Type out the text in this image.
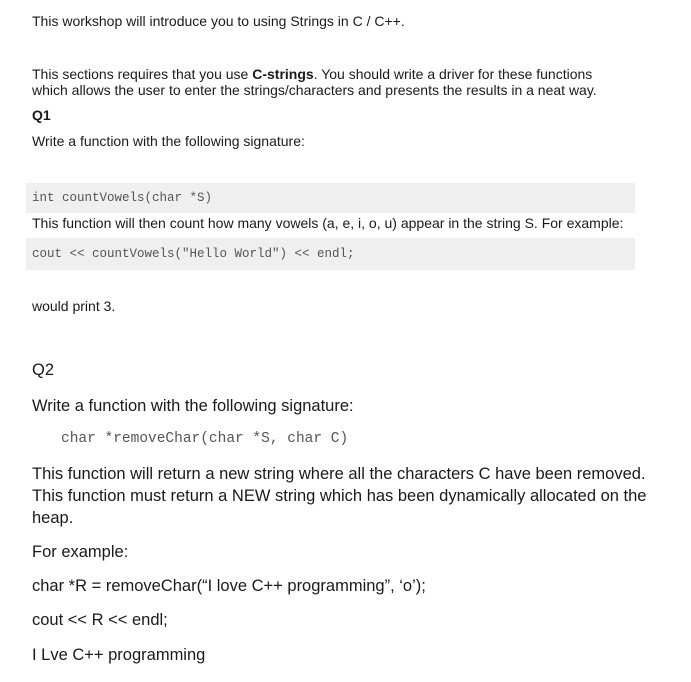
This workshop will introduce you to using Strings in C / C++.
This sections requires that you use C-strings. You should write a driver for these functions
which allows the user to enter the strings/characters and presents the results in a neat way.
Q1
Write a function with the following signature:
int countVowels(char *S)
This function will then count how many vowels (a, e, i, o, u) appear in the string S. For example:
cout << countVowels("Hello World") << endl;
would print 3.
Q2
Write a function with the following signature:
char *removeChar(char *S, char C)
This function will return a new string where all the characters C have been removed.
This function must return a NEW string which has been dynamically allocated on the
heap.
For example:
char *R = removeChar(“I love C++ programming”, ‘o’);
cout << R << endl;
I Lve C++ programming
